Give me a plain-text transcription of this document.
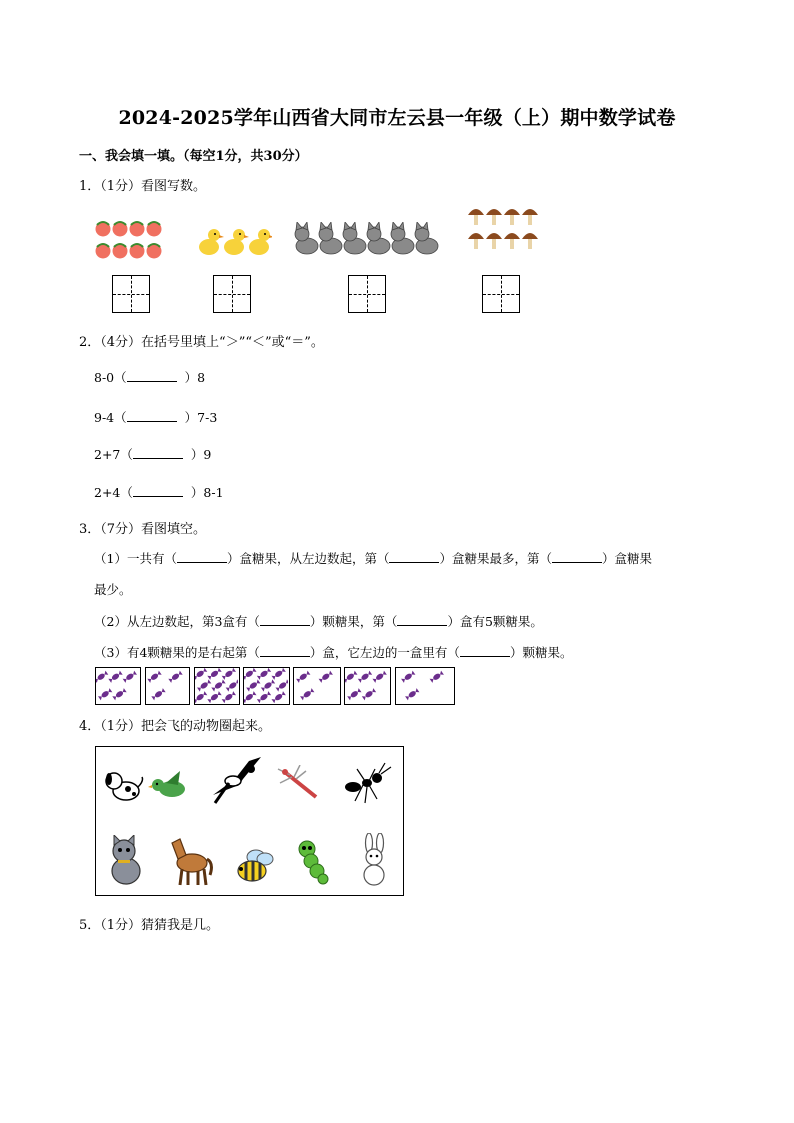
2024-2025学年山西省大同市左云县一年级（上）期中数学试卷
一、我会填一填。（每空1分，共30分）
1．（1分）看图写数。
2．（4分）在括号里填上“＞”“＜”或“＝”。
8-0（	）8
9-4（	）7-3
2+7（	）9
2+4（	）8-1
3．（7分）看图填空。
（1）一共有（	）盒糖果，从左边数起，第（	）盒糖果最多，第（	）盒糖果
最少。
（2）从左边数起，第3盒有（	）颗糖果，第（	）盒有5颗糖果。
（3）有4颗糖果的是右起第（	）盒，它左边的一盒里有（	）颗糖果。
4．（1分）把会飞的动物圈起来。
5．（1分）猜猜我是几。
